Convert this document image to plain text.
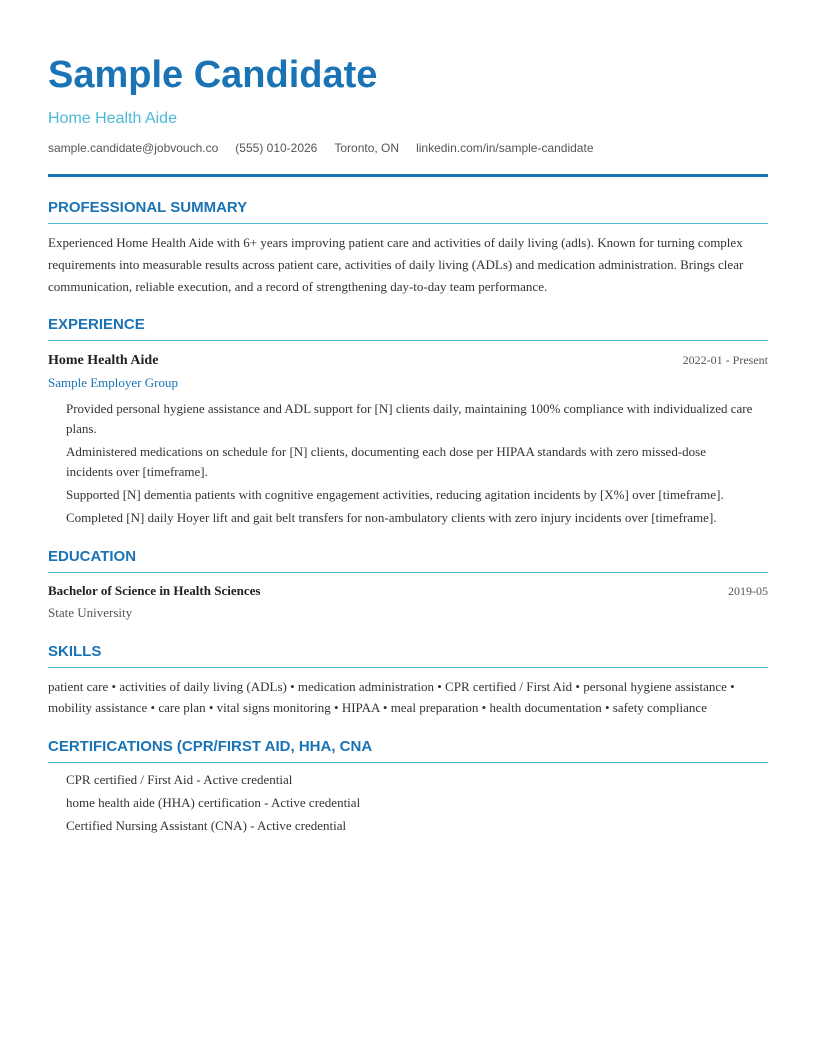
Sample Candidate
Home Health Aide
sample.candidate@jobvouch.co (555) 010-2026 Toronto, ON linkedin.com/in/sample-candidate
PROFESSIONAL SUMMARY
Experienced Home Health Aide with 6+ years improving patient care and activities of daily living (adls). Known for turning complex requirements into measurable results across patient care, activities of daily living (ADLs) and medication administration. Brings clear communication, reliable execution, and a record of strengthening day-to-day team performance.
EXPERIENCE
Home Health Aide	2022-01 - Present
Sample Employer Group
Provided personal hygiene assistance and ADL support for [N] clients daily, maintaining 100% compliance with individualized care plans.
Administered medications on schedule for [N] clients, documenting each dose per HIPAA standards with zero missed-dose incidents over [timeframe].
Supported [N] dementia patients with cognitive engagement activities, reducing agitation incidents by [X%] over [timeframe].
Completed [N] daily Hoyer lift and gait belt transfers for non-ambulatory clients with zero injury incidents over [timeframe].
EDUCATION
Bachelor of Science in Health Sciences	2019-05
State University
SKILLS
patient care • activities of daily living (ADLs) • medication administration • CPR certified / First Aid • personal hygiene assistance • mobility assistance • care plan • vital signs monitoring • HIPAA • meal preparation • health documentation • safety compliance
CERTIFICATIONS (CPR/FIRST AID, HHA, CNA
CPR certified / First Aid - Active credential
home health aide (HHA) certification - Active credential
Certified Nursing Assistant (CNA) - Active credential
